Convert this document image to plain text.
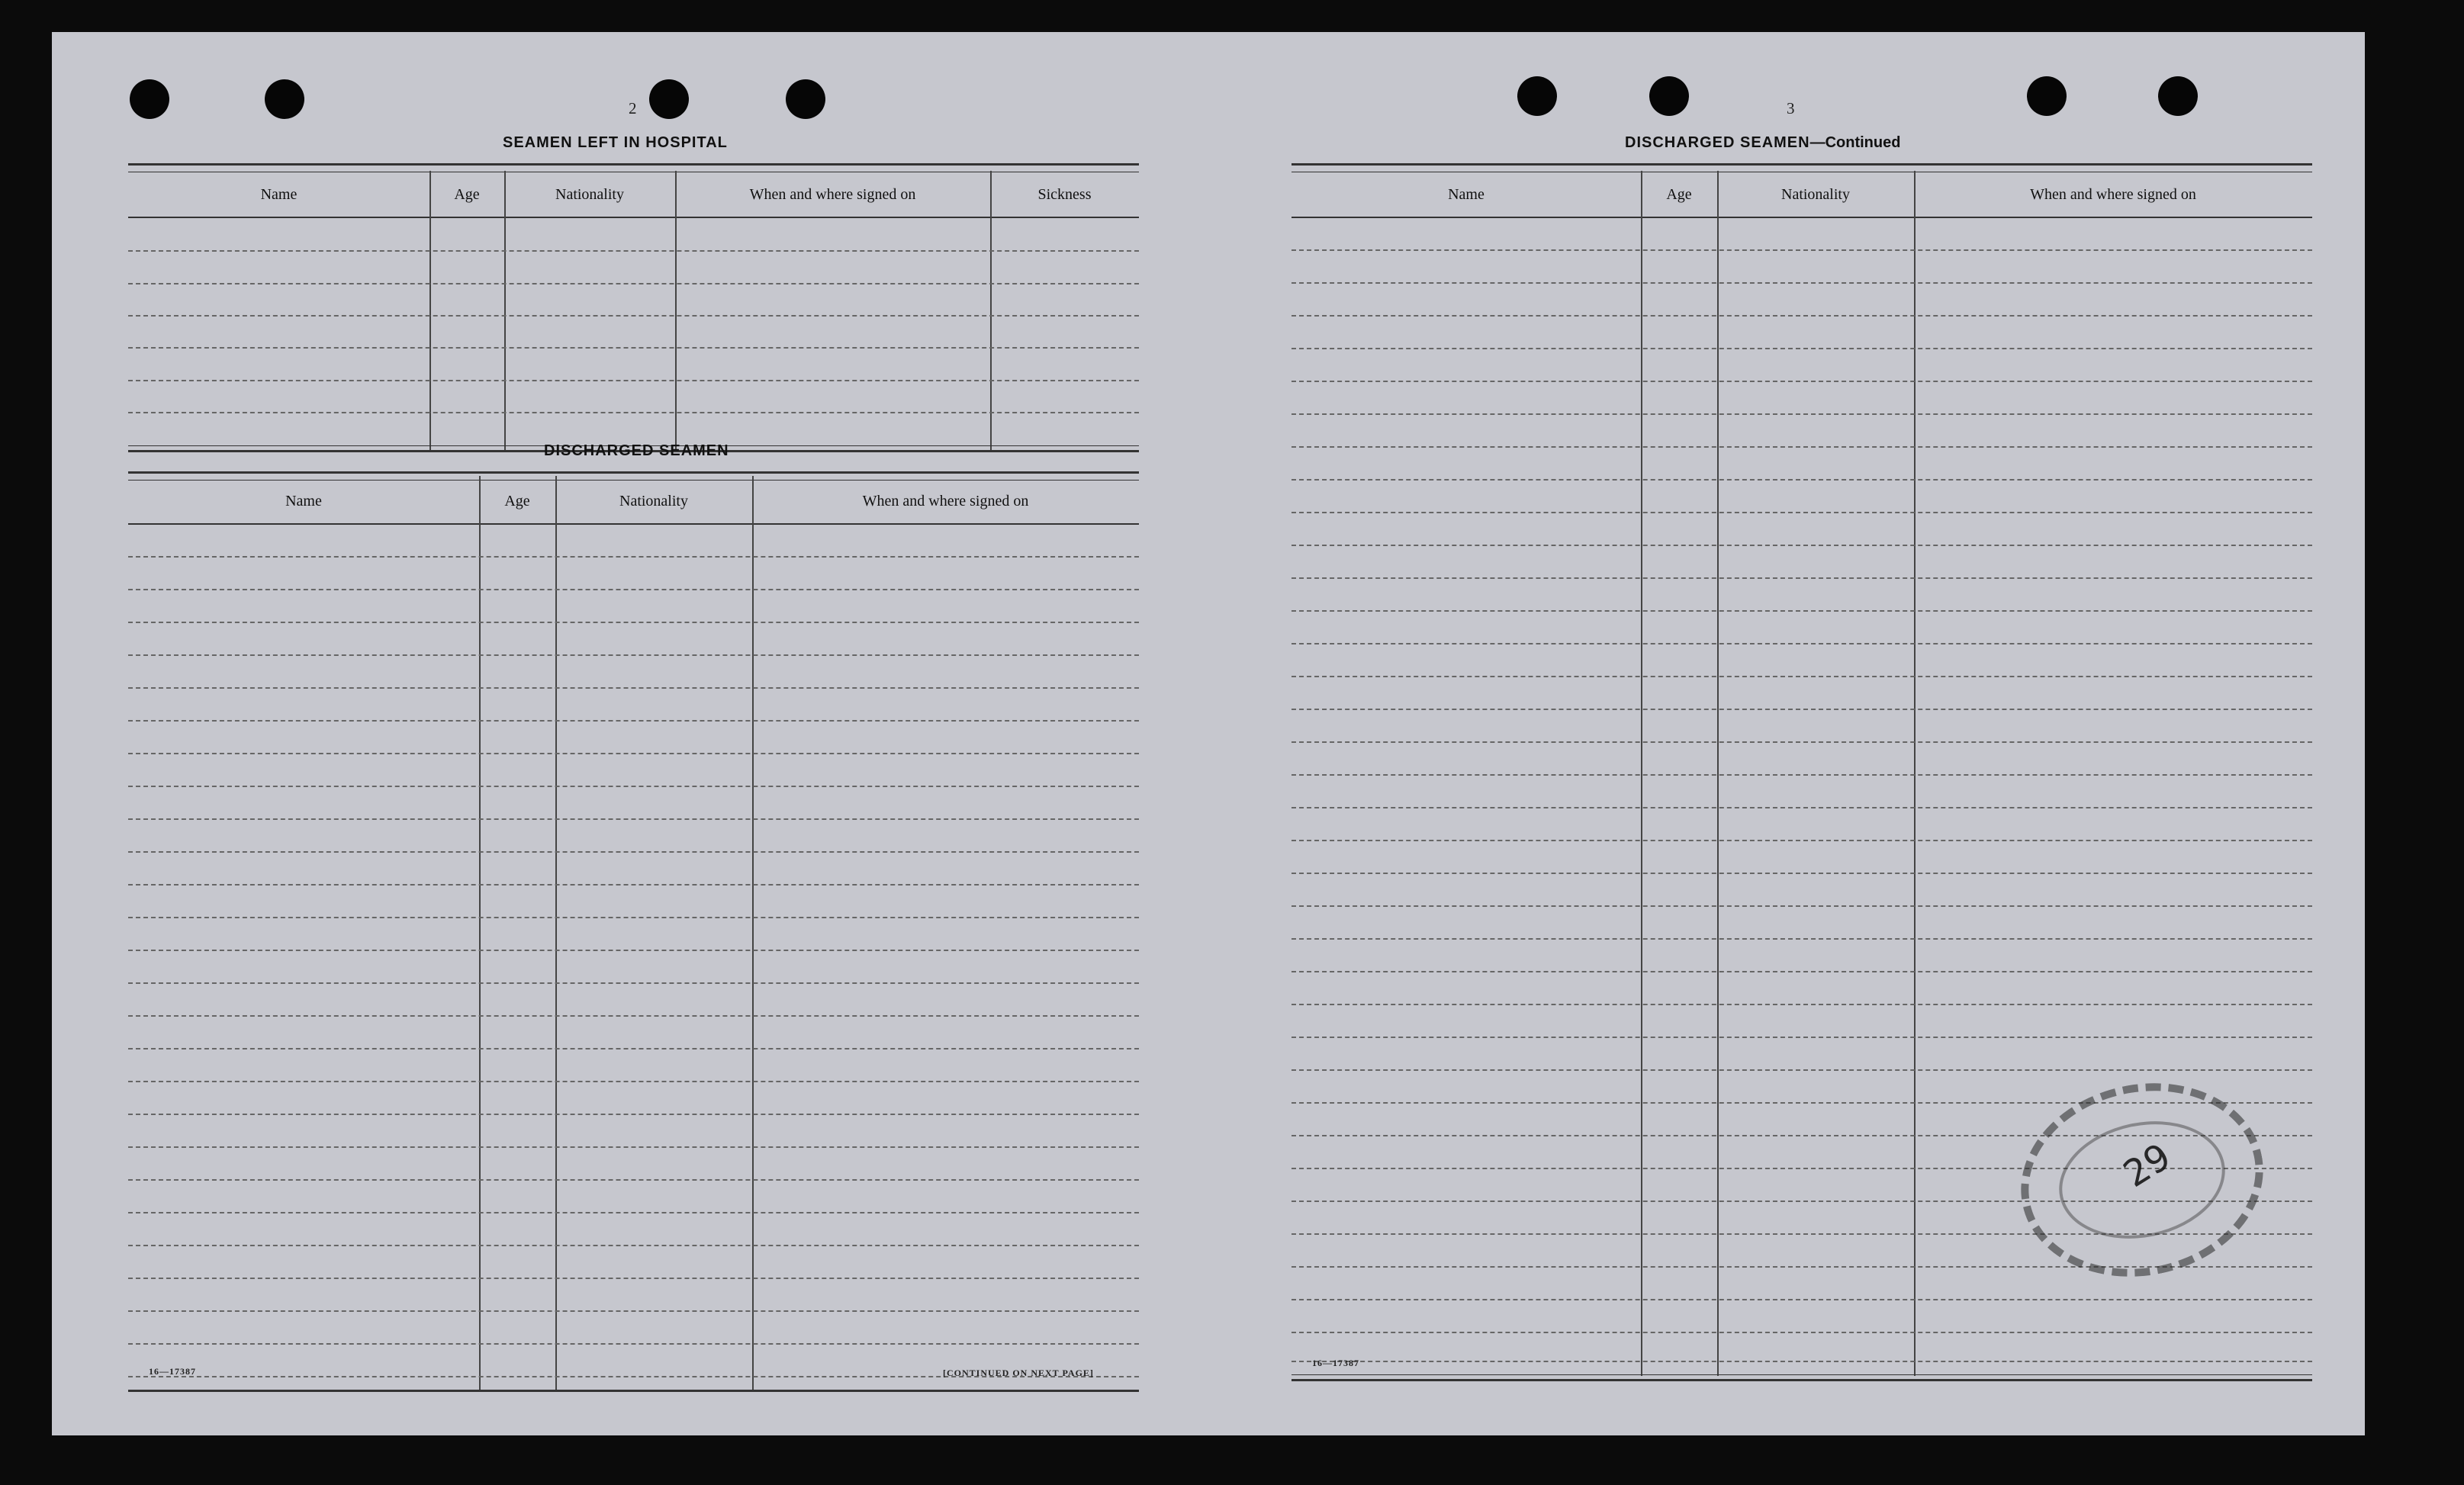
2
SEAMEN LEFT IN HOSPITAL
Name	Age	Nationality	When and where signed on	Sickness
DISCHARGED SEAMEN
Name	Age	Nationality	When and where signed on
16—17387	[CONTINUED ON NEXT PAGE]
3
DISCHARGED SEAMEN—Continued
Name	Age	Nationality	When and where signed on
16—17387
29
